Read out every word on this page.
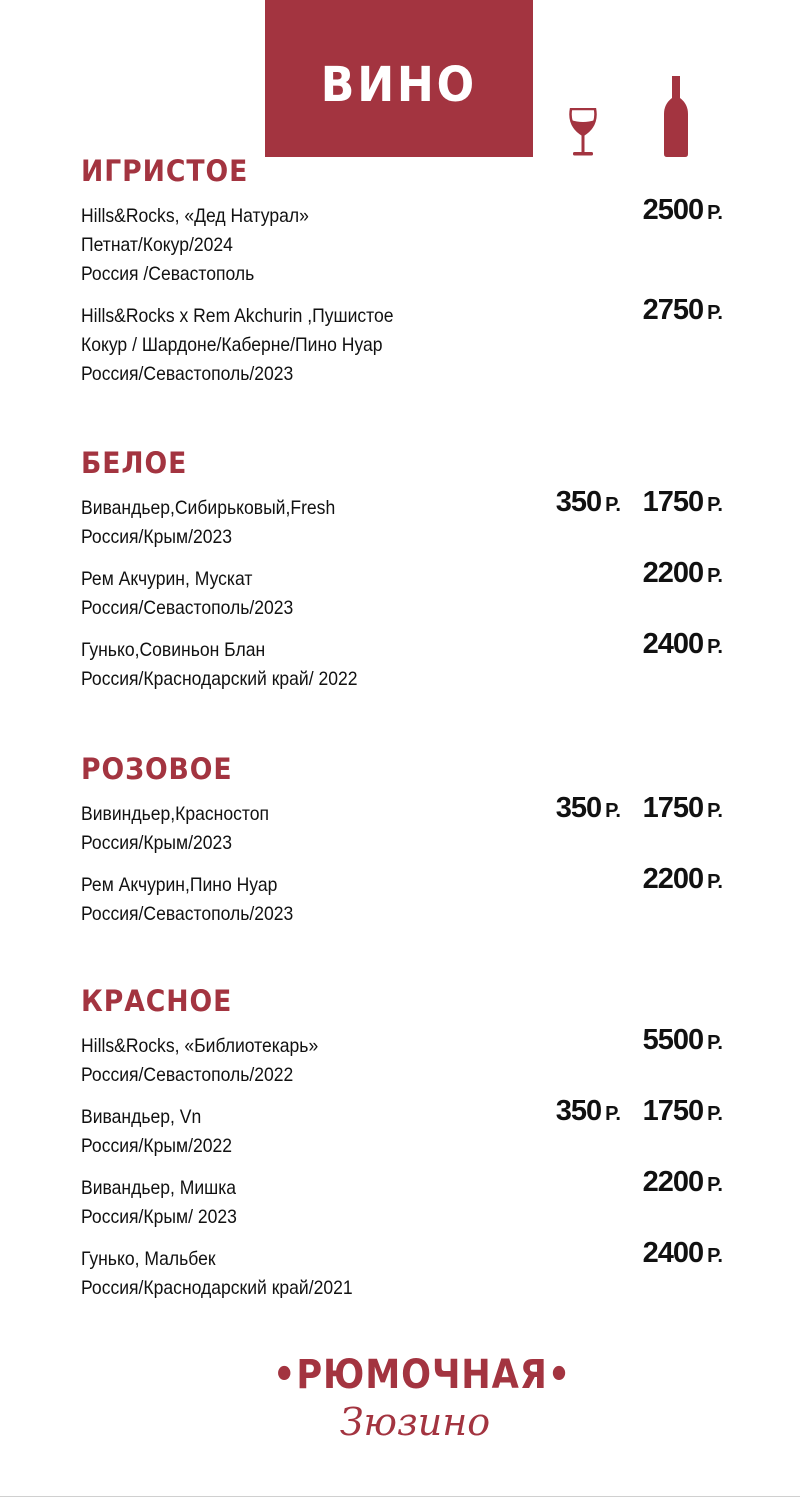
ВИНО
ИГРИСТОЕ
Hills&Rocks, «Дед Натурал»
Петнат/Кокур/2024
Россия /Севастополь
2500 Р.
Hills&Rocks x Rem Akchurin ,Пушистое
Кокур / Шардоне/Каберне/Пино Нуар
Россия/Севастополь/2023
2750 Р.
БЕЛОЕ
Вивандьер,Сибирьковый,Fresh
Россия/Крым/2023
350 Р. 1750 Р.
Рем Акчурин, Мускат
Россия/Севастополь/2023
2200 Р.
Гунько,Совиньон Блан
Россия/Краснодарский край/ 2022
2400 Р.
РОЗОВОЕ
Вивиндьер,Красностоп
Россия/Крым/2023
350 Р. 1750 Р.
Рем Акчурин,Пино Нуар
Россия/Севастополь/2023
2200 Р.
КРАСНОЕ
Hills&Rocks, «Библиотекарь»
Россия/Севастополь/2022
5500 Р.
Вивандьер, Vn
Россия/Крым/2022
350 Р. 1750 Р.
Вивандьер, Мишка
Россия/Крым/ 2023
2200 Р.
Гунько, Мальбек
Россия/Краснодарский край/2021
2400 Р.
•РЮМОЧНАЯ•
Зюзино
